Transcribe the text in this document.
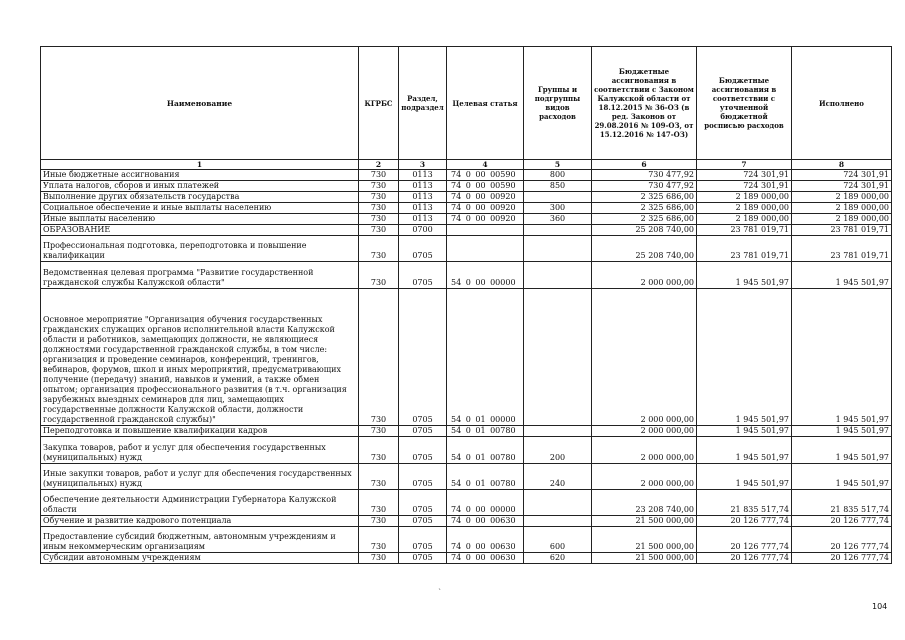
Наименование	КГРБС	Раздел, подраздел	Целевая статья	Группы и подгруппы видов расходов	Бюджетные ассигнования в соответствии с Законом Калужской области от 18.12.2015 № 36-ОЗ (в ред. Законов от 29.08.2016 № 109-ОЗ, от 15.12.2016 № 147-ОЗ)	Бюджетные ассигнования в соответствии с уточненной бюджетной росписью расходов	Исполнено
1	2	3	4	5	6	7	8
Иные бюджетные ассигнования	730	0113	74 0 00 00590	800	730 477,92	724 301,91	724 301,91
Уплата налогов, сборов и иных платежей	730	0113	74 0 00 00590	850	730 477,92	724 301,91	724 301,91
Выполнение других обязательств государства	730	0113	74 0 00 00920		2 325 686,00	2 189 000,00	2 189 000,00
Социальное обеспечение и иные выплаты населению	730	0113	74 0 00 00920	300	2 325 686,00	2 189 000,00	2 189 000,00
Иные выплаты населению	730	0113	74 0 00 00920	360	2 325 686,00	2 189 000,00	2 189 000,00
ОБРАЗОВАНИЕ	730	0700			25 208 740,00	23 781 019,71	23 781 019,71
Профессиональная подготовка, переподготовка и повышение квалификации	730	0705			25 208 740,00	23 781 019,71	23 781 019,71
Ведомственная целевая программа "Развитие государственной гражданской службы Калужской области"	730	0705	54 0 00 00000		2 000 000,00	1 945 501,97	1 945 501,97
Основное мероприятие "Организация обучения государственных гражданских служащих органов исполнительной власти Калужской области и работников, замещающих должности, не являющиеся должностями государственной гражданской службы, в том числе: организация и проведение семинаров, конференций, тренингов, вебинаров, форумов, школ и иных мероприятий, предусматривающих получение (передачу) знаний, навыков и умений, а также обмен опытом; организация профессионального развития (в т.ч. организация зарубежных выездных семинаров для лиц, замещающих государственные должности Калужской области, должности государственной гражданской службы)"	730	0705	54 0 01 00000		2 000 000,00	1 945 501,97	1 945 501,97
Переподготовка и повышение квалификации кадров	730	0705	54 0 01 00780		2 000 000,00	1 945 501,97	1 945 501,97
Закупка товаров, работ и услуг для обеспечения государственных (муниципальных) нужд	730	0705	54 0 01 00780	200	2 000 000,00	1 945 501,97	1 945 501,97
Иные закупки товаров, работ и услуг для обеспечения государственных (муниципальных) нужд	730	0705	54 0 01 00780	240	2 000 000,00	1 945 501,97	1 945 501,97
Обеспечение деятельности Администрации Губернатора Калужской области	730	0705	74 0 00 00000		23 208 740,00	21 835 517,74	21 835 517,74
Обучение и развитие кадрового потенциала	730	0705	74 0 00 00630		21 500 000,00	20 126 777,74	20 126 777,74
Предоставление субсидий бюджетным, автономным учреждениям и иным некоммерческим организациям	730	0705	74 0 00 00630	600	21 500 000,00	20 126 777,74	20 126 777,74
Субсидии автономным учреждениям	730	0705	74 0 00 00630	620	21 500 000,00	20 126 777,74	20 126 777,74
`
104
